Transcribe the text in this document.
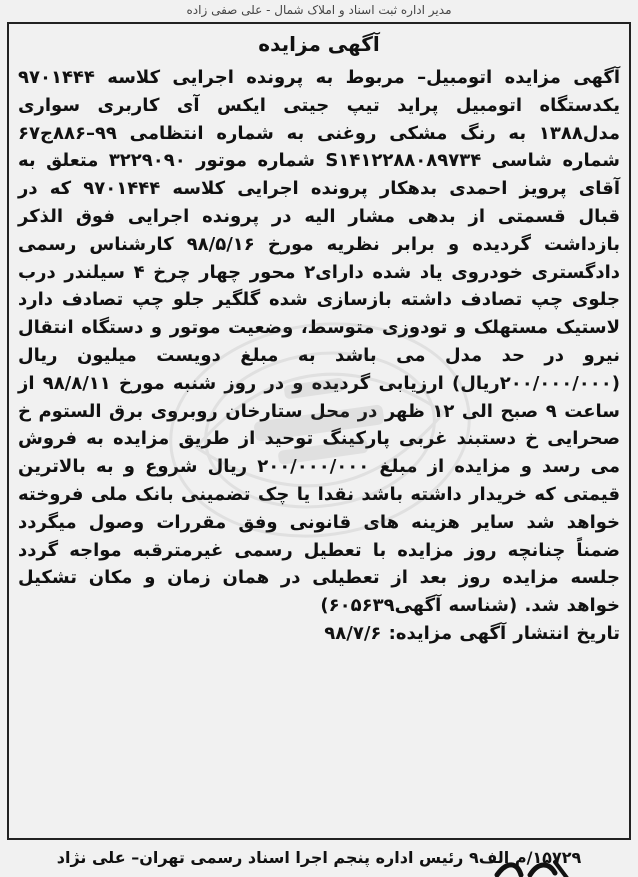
مدیر اداره ثبت اسناد و املاک شمال - علی صفی زاده
آگهی مزایده

آگهی مزایده اتومبیل– مربوط به پرونده اجرایی کلاسه ۹۷۰۱۴۴۴ یکدستگاه اتومبیل پراید تیپ جیتی ایکس آی کاربری سواری مدل۱۳۸۸ به رنگ مشکی روغنی به شماره انتظامی ۹۹–۸۸۶ج۶۷ شماره شاسی S۱۴۱۲۲۸۸۰۸۹۷۳۴ شماره موتور ۳۲۲۹۰۹۰ متعلق به آقای پرویز احمدی بدهکار پرونده اجرایی کلاسه ۹۷۰۱۴۴۴ که در قبال قسمتی از بدهی مشار الیه در پرونده اجرایی فوق الذکر بازداشت گردیده و برابر نظریه مورخ ۹۸/۵/۱۶ کارشناس رسمی دادگستری خودروی یاد شده دارای۲ محور چهار چرخ ۴ سیلندر درب جلوی چپ تصادف داشته بازسازی شده گلگیر جلو چپ تصادف دارد لاستیک مستهلک و تودوزی متوسط، وضعیت موتور و دستگاه انتقال نیرو در حد مدل می باشد به مبلغ دویست میلیون ریال (۲۰۰/۰۰۰/۰۰۰ریال) ارزیابی گردیده و در روز شنبه مورخ ۹۸/۸/۱۱ از ساعت ۹ صبح الی ۱۲ ظهر در محل ستارخان روبروی برق الستوم خ صحرایی خ دستبند غربی پارکینگ توحید از طریق مزایده به فروش می رسد و مزایده از مبلغ ۲۰۰/۰۰۰/۰۰۰ ریال شروع و به بالاترین قیمتی که خریدار داشته باشد نقدا یا چک تضمینی بانک ملی فروخته خواهد شد سایر هزینه های قانونی وفق مقررات وصول میگردد ضمناً چنانچه روز مزایده با تعطیل رسمی غیرمترقبه مواجه گردد جلسه مزایده روز بعد از تعطیلی در همان زمان و مکان تشکیل خواهد شد. (شناسه آگهی۶۰۵۶۳۹)

تاریخ انتشار آگهی مزایده: ۹۸/۷/۶

۱۵۷۲۹/م الف۹ رئیس اداره پنجم اجرا اسناد رسمی تهران– علی نژاد
